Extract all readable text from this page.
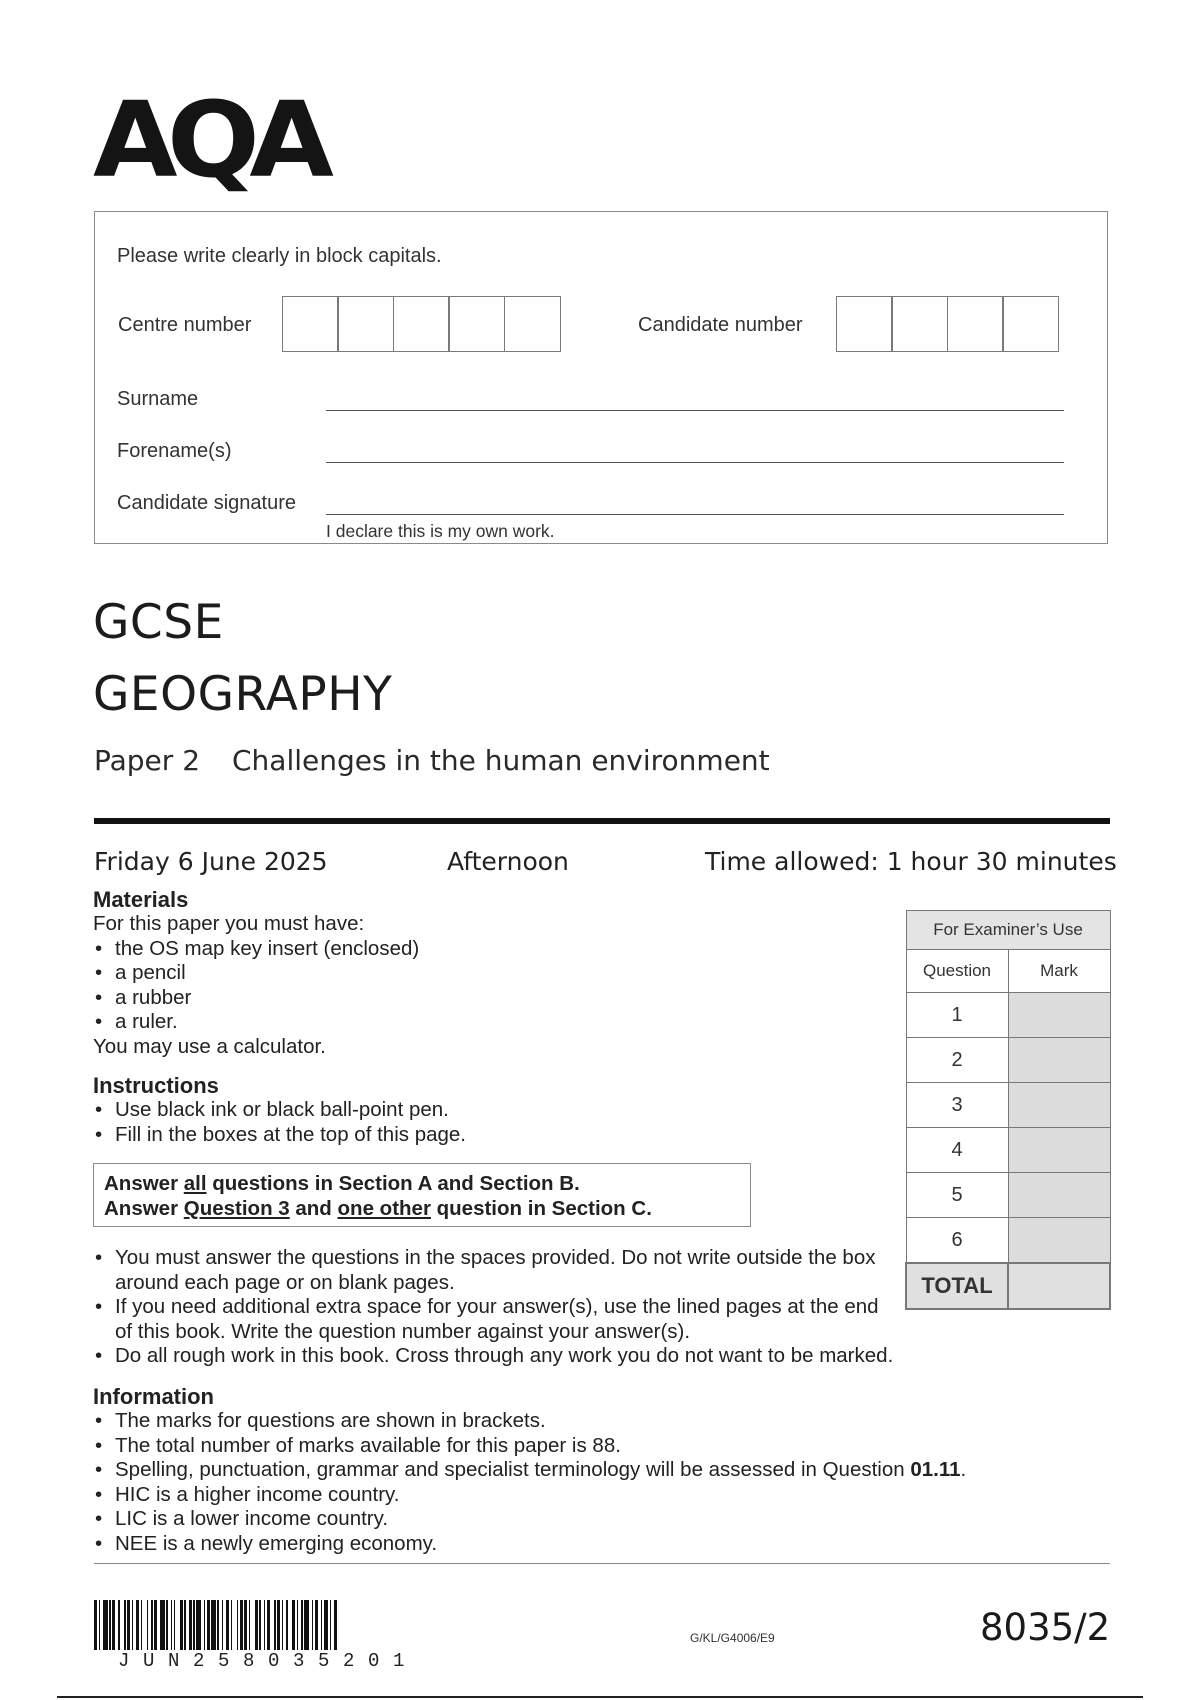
AQA
Please write clearly in block capitals.
Centre number	Candidate number
Surname
Forename(s)
Candidate signature
I declare this is my own work.
GCSE
GEOGRAPHY
Paper 2 Challenges in the human environment
Friday 6 June 2025	Afternoon	Time allowed: 1 hour 30 minutes
Materials
For this paper you must have:
• the OS map key insert (enclosed)
• a pencil
• a rubber
• a ruler.
You may use a calculator.
Instructions
• Use black ink or black ball-point pen.
• Fill in the boxes at the top of this page.
Answer all questions in Section A and Section B.
Answer Question 3 and one other question in Section C.
• You must answer the questions in the spaces provided. Do not write outside the box around each page or on blank pages.
• If you need additional extra space for your answer(s), use the lined pages at the end of this book. Write the question number against your answer(s).
• Do all rough work in this book. Cross through any work you do not want to be marked.
Information
• The marks for questions are shown in brackets.
• The total number of marks available for this paper is 88.
• Spelling, punctuation, grammar and specialist terminology will be assessed in Question 01.11.
• HIC is a higher income country.
• LIC is a lower income country.
• NEE is a newly emerging economy.
For Examiner’s Use	
Question	Mark
1	
2	
3	
4	
5	
6	
TOTAL	
JUN258035201
G/KL/G4006/E9	8035/2
